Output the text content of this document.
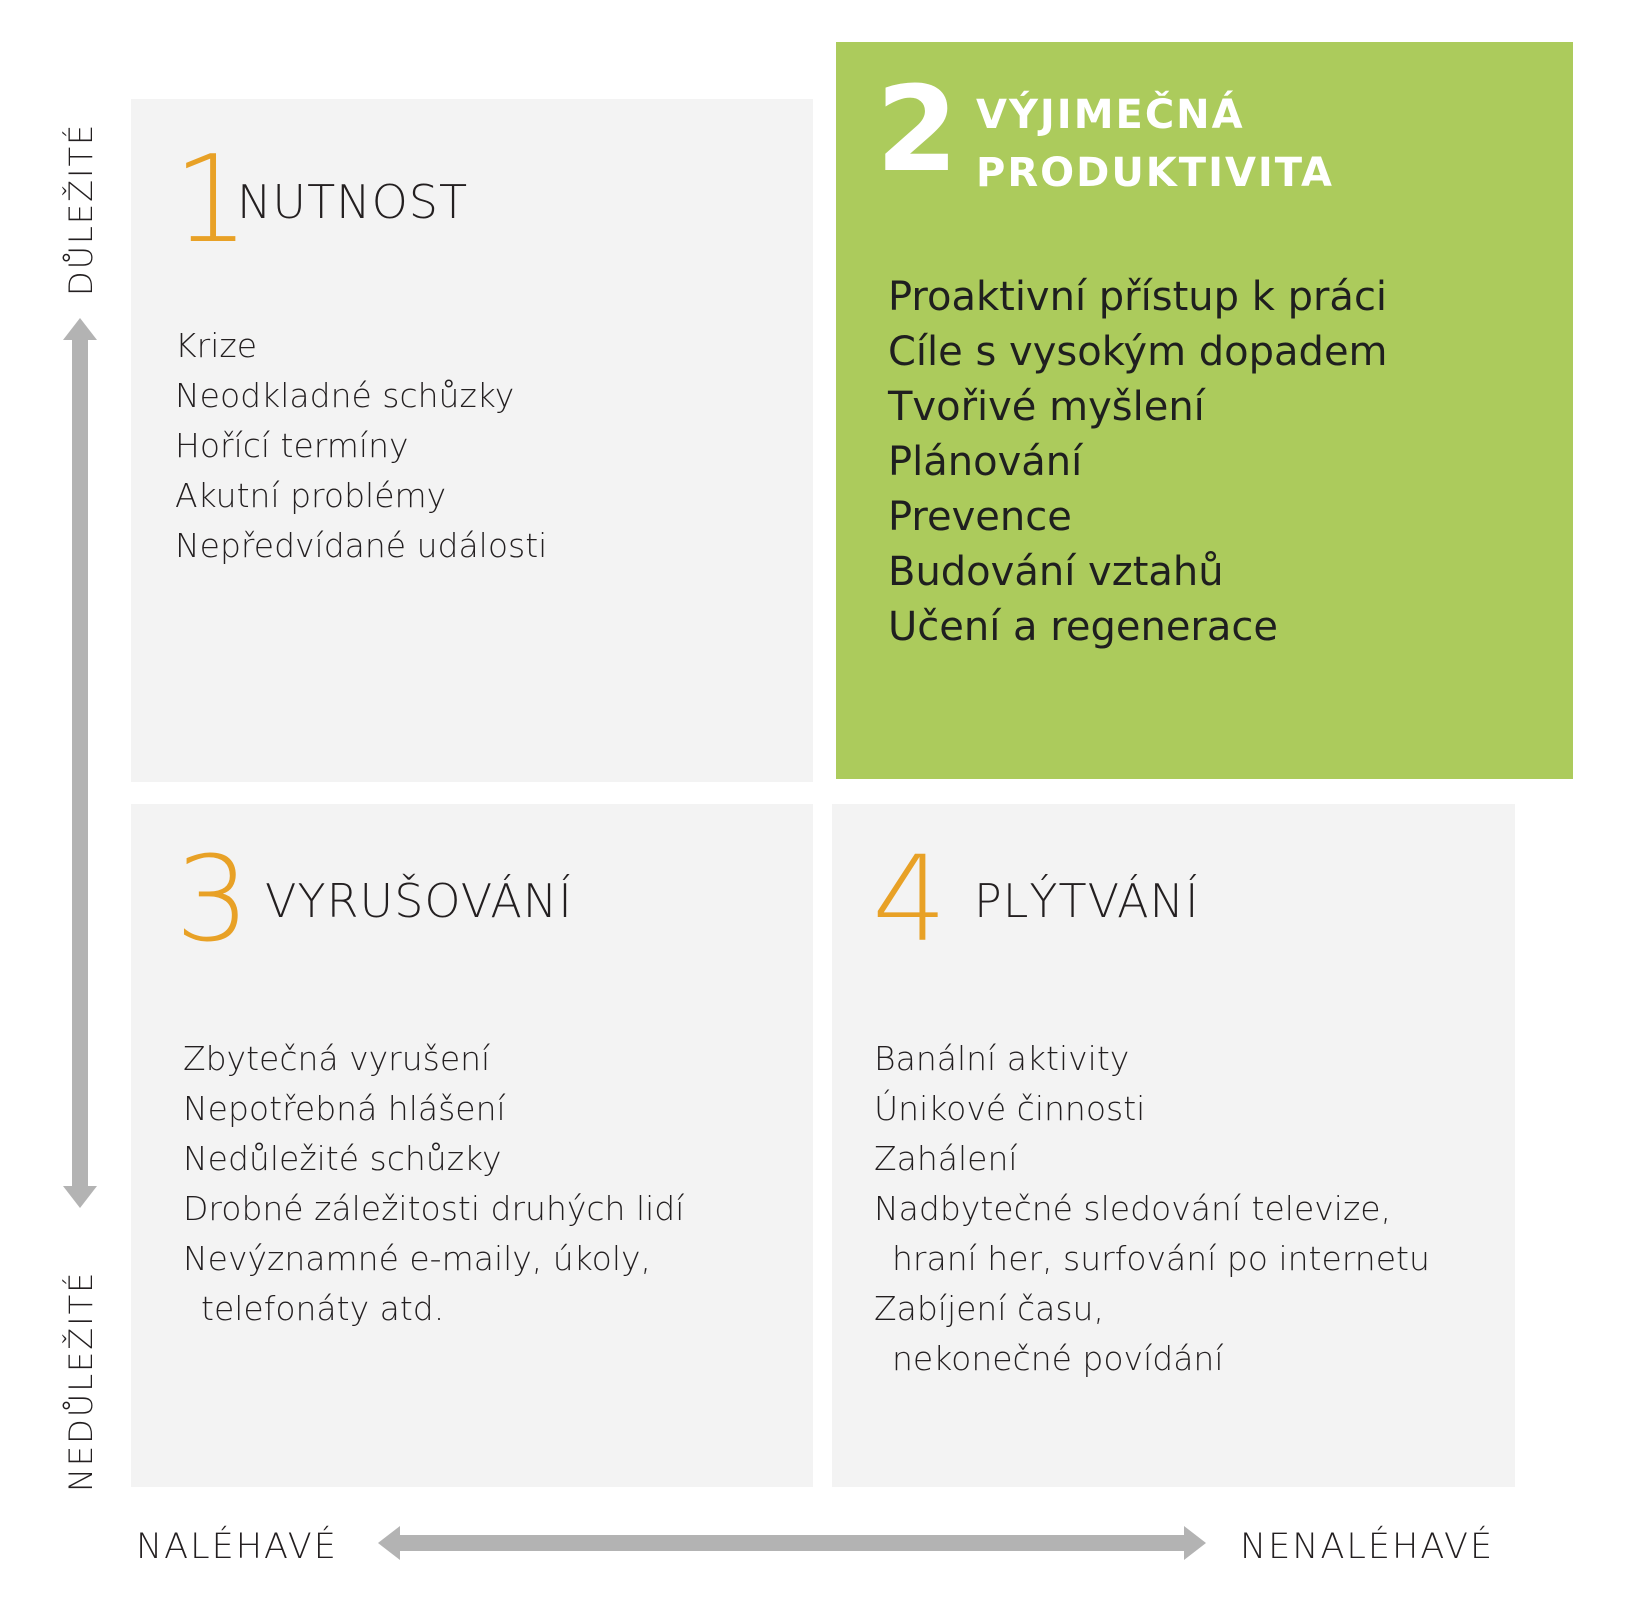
DŮLEŽITÉ
NEDŮLEŽITÉ
NALÉHAVÉ	NENALÉHAVÉ
1
NUTNOST
Krize
Neodkladné schůzky
Hořící termíny
Akutní problémy
Nepředvídané události
2 VÝJIMEČNÁ
PRODUKTIVITA
Proaktivní přístup k práci
Cíle s vysokým dopadem
Tvořivé myšlení
Plánování
Prevence
Budování vztahů
Učení a regenerace
3 VYRUŠOVÁNÍ
Zbytečná vyrušení
Nepotřebná hlášení
Nedůležité schůzky
Drobné záležitosti druhých lidí
Nevýznamné e-maily, úkoly,
telefonáty atd.
4 PLÝTVÁNÍ
Banální aktivity
Únikové činnosti
Zahálení
Nadbytečné sledování televize,
hraní her, surfování po internetu
Zabíjení času,
nekonečné povídání
